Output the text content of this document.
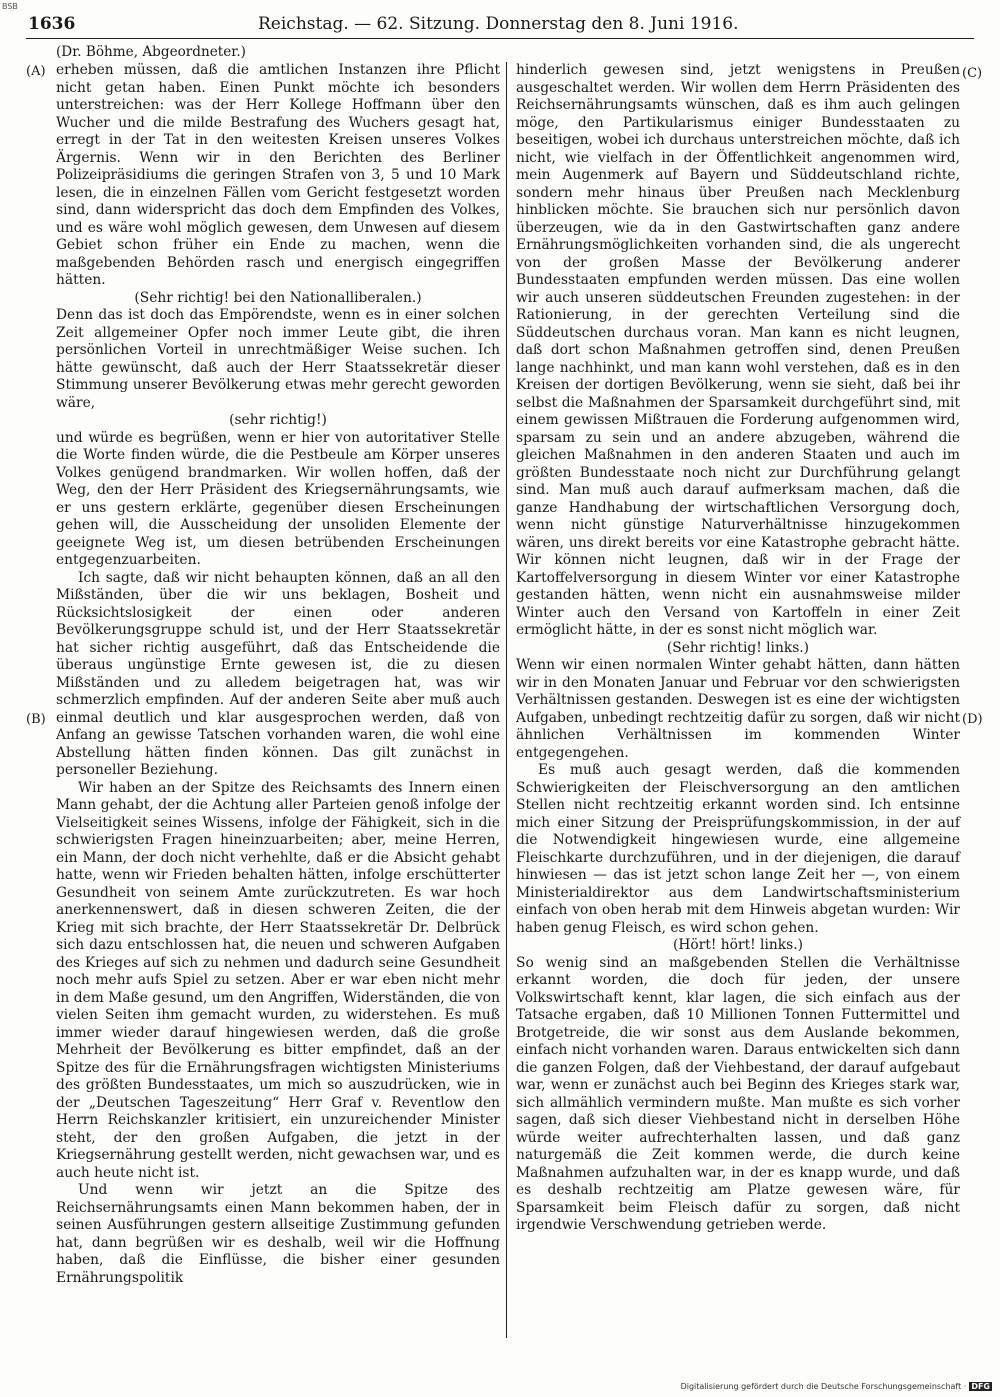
BSB
1636	Reichstag. — 62. Sitzung. Donnerstag den 8. Juni 1916.
(Dr. Böhme, Abgeordneter.)
(A)
(B)
(C)
(D)

erheben müssen, daß die amtlichen Instanzen ihre Pflicht nicht getan haben. Einen Punkt möchte ich besonders unterstreichen: was der Herr Kollege Hoffmann über den Wucher und die milde Bestrafung des Wuchers gesagt hat, erregt in der Tat in den weitesten Kreisen unseres Volkes Ärgernis. Wenn wir in den Berichten des Berliner Polizeipräsidiums die geringen Strafen von 3, 5 und 10 Mark lesen, die in einzelnen Fällen vom Gericht festgesetzt worden sind, dann widerspricht das doch dem Empfinden des Volkes, und es wäre wohl möglich gewesen, dem Unwesen auf diesem Gebiet schon früher ein Ende zu machen, wenn die maßgebenden Behörden rasch und energisch eingegriffen hätten.

(Sehr richtig! bei den Nationalliberalen.)

Denn das ist doch das Empörendste, wenn es in einer solchen Zeit allgemeiner Opfer noch immer Leute gibt, die ihren persönlichen Vorteil in unrechtmäßiger Weise suchen. Ich hätte gewünscht, daß auch der Herr Staatssekretär dieser Stimmung unserer Bevölkerung etwas mehr gerecht geworden wäre,

(sehr richtig!)

und würde es begrüßen, wenn er hier von autoritativer Stelle die Worte finden würde, die die Pestbeule am Körper unseres Volkes genügend brandmarken. Wir wollen hoffen, daß der Weg, den der Herr Präsident des Kriegsernährungsamts, wie er uns gestern erklärte, gegenüber diesen Erscheinungen gehen will, die Ausscheidung der unsoliden Elemente der geeignete Weg ist, um diesen betrübenden Erscheinungen entgegenzuarbeiten.

Ich sagte, daß wir nicht behaupten können, daß an all den Mißständen, über die wir uns beklagen, Bosheit und Rücksichtslosigkeit der einen oder anderen Bevölkerungsgruppe schuld ist, und der Herr Staatssekretär hat sicher richtig ausgeführt, daß das Entscheidende die überaus ungünstige Ernte gewesen ist, die zu diesen Mißständen und zu alledem beigetragen hat, was wir schmerzlich empfinden. Auf der anderen Seite aber muß auch einmal deutlich und klar ausgesprochen werden, daß von Anfang an gewisse Tatschen vorhanden waren, die wohl eine Abstellung hätten finden können. Das gilt zunächst in personeller Beziehung.

Wir haben an der Spitze des Reichsamts des Innern einen Mann gehabt, der die Achtung aller Parteien genoß infolge der Vielseitigkeit seines Wissens, infolge der Fähigkeit, sich in die schwierigsten Fragen hineinzuarbeiten; aber, meine Herren, ein Mann, der doch nicht verhehlte, daß er die Absicht gehabt hatte, wenn wir Frieden behalten hätten, infolge erschütterter Gesundheit von seinem Amte zurückzutreten. Es war hoch anerkennenswert, daß in diesen schweren Zeiten, die der Krieg mit sich brachte, der Herr Staatssekretär Dr. Delbrück sich dazu entschlossen hat, die neuen und schweren Aufgaben des Krieges auf sich zu nehmen und dadurch seine Gesundheit noch mehr aufs Spiel zu setzen. Aber er war eben nicht mehr in dem Maße gesund, um den Angriffen, Widerständen, die von vielen Seiten ihm gemacht wurden, zu widerstehen. Es muß immer wieder darauf hingewiesen werden, daß die große Mehrheit der Bevölkerung es bitter empfindet, daß an der Spitze des für die Ernährungsfragen wichtigsten Ministeriums des größten Bundesstaates, um mich so auszudrücken, wie in der „Deutschen Tageszeitung“ Herr Graf v. Reventlow den Herrn Reichskanzler kritisiert, ein unzureichender Minister steht, der den großen Aufgaben, die jetzt in der Kriegsernährung gestellt werden, nicht gewachsen war, und es auch heute nicht ist.

Und wenn wir jetzt an die Spitze des Reichsernährungsamts einen Mann bekommen haben, der in seinen Ausführungen gestern allseitige Zustimmung gefunden hat, dann begrüßen wir es deshalb, weil wir die Hoffnung haben, daß die Einflüsse, die bisher einer gesunden Ernährungspolitik

hinderlich gewesen sind, jetzt wenigstens in Preußen ausgeschaltet werden. Wir wollen dem Herrn Präsidenten des Reichsernährungsamts wünschen, daß es ihm auch gelingen möge, den Partikularismus einiger Bundesstaaten zu beseitigen, wobei ich durchaus unterstreichen möchte, daß ich nicht, wie vielfach in der Öffentlichkeit angenommen wird, mein Augenmerk auf Bayern und Süddeutschland richte, sondern mehr hinaus über Preußen nach Mecklenburg hinblicken möchte. Sie brauchen sich nur persönlich davon überzeugen, wie da in den Gastwirtschaften ganz andere Ernährungsmöglichkeiten vorhanden sind, die als ungerecht von der großen Masse der Bevölkerung anderer Bundesstaaten empfunden werden müssen. Das eine wollen wir auch unseren süddeutschen Freunden zugestehen: in der Rationierung, in der gerechten Verteilung sind die Süddeutschen durchaus voran. Man kann es nicht leugnen, daß dort schon Maßnahmen getroffen sind, denen Preußen lange nachhinkt, und man kann wohl verstehen, daß es in den Kreisen der dortigen Bevölkerung, wenn sie sieht, daß bei ihr selbst die Maßnahmen der Sparsamkeit durchgeführt sind, mit einem gewissen Mißtrauen die Forderung aufgenommen wird, sparsam zu sein und an andere abzugeben, während die gleichen Maßnahmen in den anderen Staaten und auch im größten Bundesstaate noch nicht zur Durchführung gelangt sind. Man muß auch darauf aufmerksam machen, daß die ganze Handhabung der wirtschaftlichen Versorgung doch, wenn nicht günstige Naturverhältnisse hinzugekommen wären, uns direkt bereits vor eine Katastrophe gebracht hätte. Wir können nicht leugnen, daß wir in der Frage der Kartoffelversorgung in diesem Winter vor einer Katastrophe gestanden hätten, wenn nicht ein ausnahmsweise milder Winter auch den Versand von Kartoffeln in einer Zeit ermöglicht hätte, in der es sonst nicht möglich war.

(Sehr richtig! links.)

Wenn wir einen normalen Winter gehabt hätten, dann hätten wir in den Monaten Januar und Februar vor den schwierigsten Verhältnissen gestanden. Deswegen ist es eine der wichtigsten Aufgaben, unbedingt rechtzeitig dafür zu sorgen, daß wir nicht ähnlichen Verhältnissen im kommenden Winter entgegengehen.

Es muß auch gesagt werden, daß die kommenden Schwierigkeiten der Fleischversorgung an den amtlichen Stellen nicht rechtzeitig erkannt worden sind. Ich entsinne mich einer Sitzung der Preisprüfungskommission, in der auf die Notwendigkeit hingewiesen wurde, eine allgemeine Fleischkarte durchzuführen, und in der diejenigen, die darauf hinwiesen — das ist jetzt schon lange Zeit her —, von einem Ministerialdirektor aus dem Landwirtschaftsministerium einfach von oben herab mit dem Hinweis abgetan wurden: Wir haben genug Fleisch, es wird schon gehen.

(Hört! hört! links.)

So wenig sind an maßgebenden Stellen die Verhältnisse erkannt worden, die doch für jeden, der unsere Volkswirtschaft kennt, klar lagen, die sich einfach aus der Tatsache ergaben, daß 10 Millionen Tonnen Futtermittel und Brotgetreide, die wir sonst aus dem Auslande bekommen, einfach nicht vorhanden waren. Daraus entwickelten sich dann die ganzen Folgen, daß der Viehbestand, der darauf aufgebaut war, wenn er zunächst auch bei Beginn des Krieges stark war, sich allmählich vermindern mußte. Man mußte es sich vorher sagen, daß sich dieser Viehbestand nicht in derselben Höhe würde weiter aufrechterhalten lassen, und daß ganz naturgemäß die Zeit kommen werde, die durch keine Maßnahmen aufzuhalten war, in der es knapp wurde, und daß es deshalb rechtzeitig am Platze gewesen wäre, für Sparsamkeit beim Fleisch dafür zu sorgen, daß nicht irgendwie Verschwendung getrieben werde.

Digitalisierung gefördert durch die Deutsche Forschungsgemeinschaft · DFG
